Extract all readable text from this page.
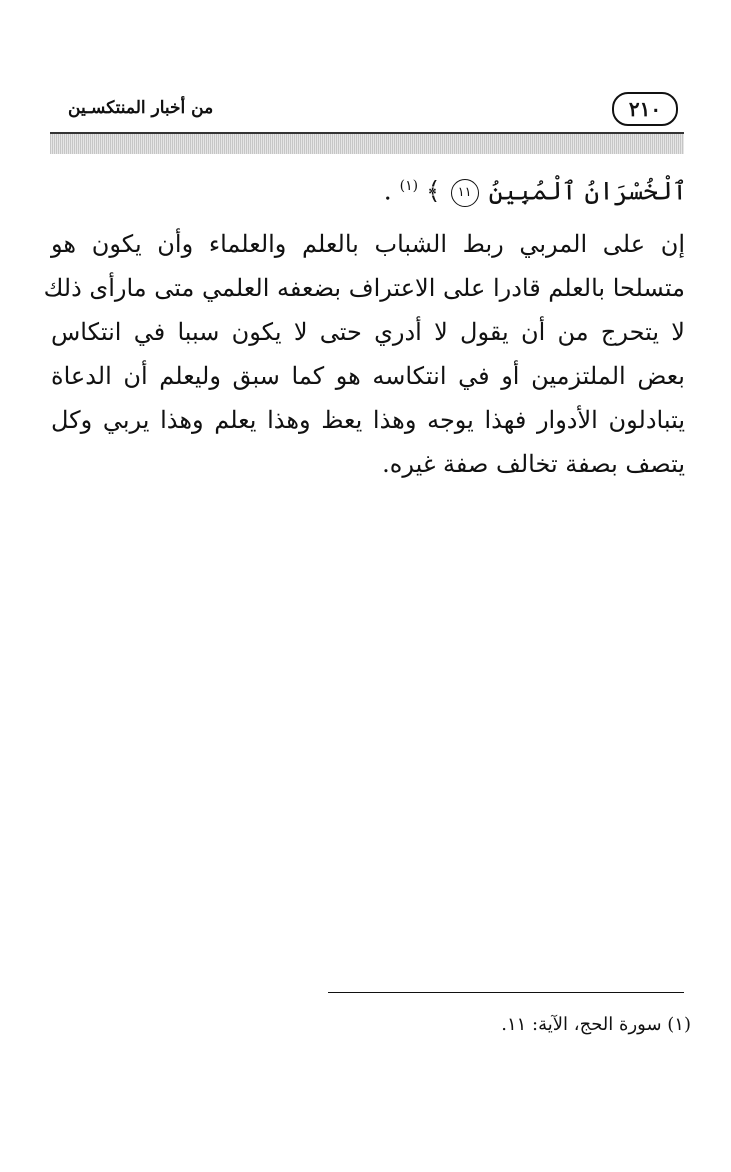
٢١٠
من أخبار المنتكسـين
ٱلْخُسْرَانُ ٱلْمُبِينُ ١١ ﴾ $^{(١)}$ .
إن على المربي ربط الشباب بالعلم والعلماء وأن يكون هو
متسلحا بالعلم قادرا على الاعتراف بضعفه العلمي متى مارأى ذلك
لا يتحرج من أن يقول لا أدري حتى لا يكون سببا في انتكاس
بعض الملتزمين أو في انتكاسه هو كما سبق وليعلم أن الدعاة
يتبادلون الأدوار فهذا يوجه وهذا يعظ وهذا يعلم وهذا يربي وكل
يتصف بصفة تخالف صفة غيره.
(١) سورة الحج، الآية: ١١.
